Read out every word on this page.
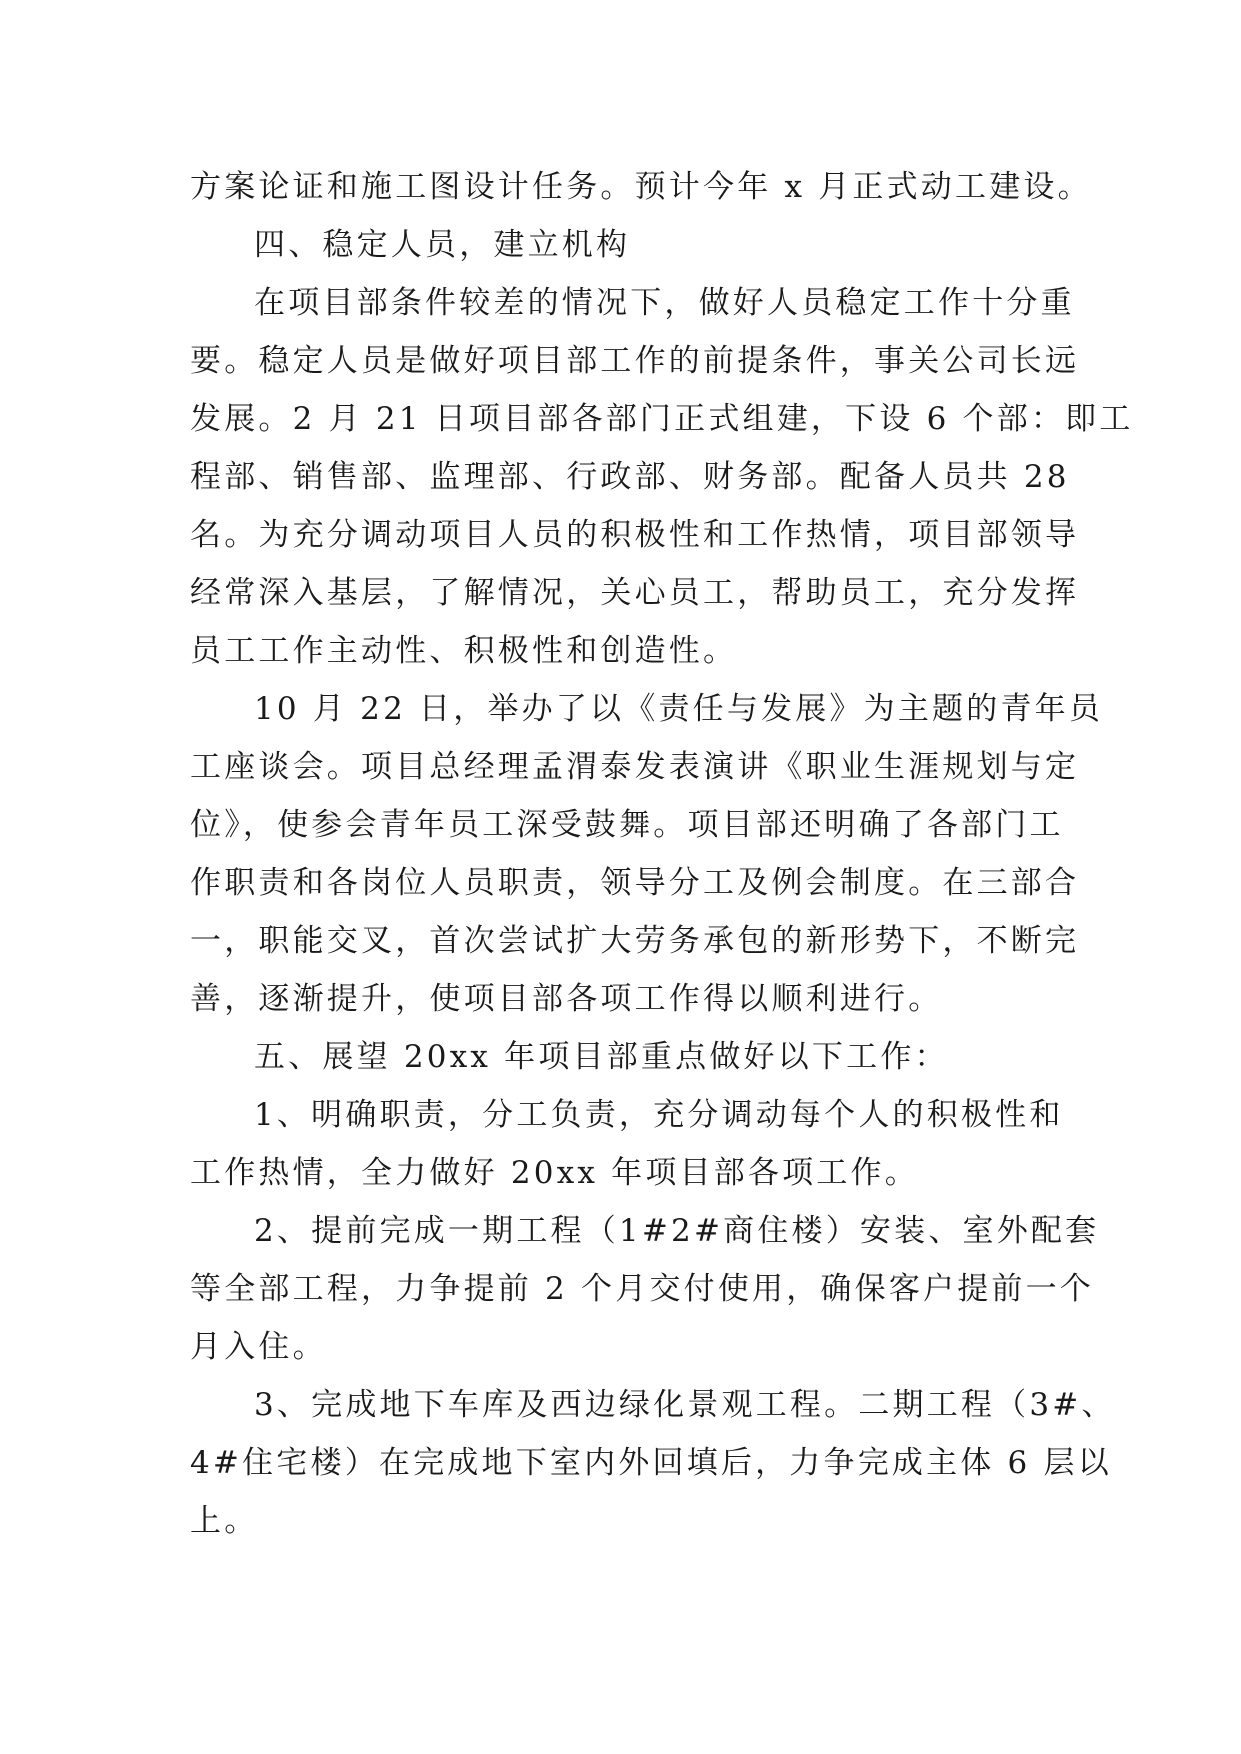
方案论证和施工图设计任务。预计今年 x 月正式动工建设。

四、稳定人员，建立机构

在项目部条件较差的情况下，做好人员稳定工作十分重

要。稳定人员是做好项目部工作的前提条件，事关公司长远

发展。2 月 21 日项目部各部门正式组建，下设 6 个部：即工

程部、销售部、监理部、行政部、财务部。配备人员共 28

名。为充分调动项目人员的积极性和工作热情，项目部领导

经常深入基层，了解情况，关心员工，帮助员工，充分发挥

员工工作主动性、积极性和创造性。

10 月 22 日，举办了以《责任与发展》为主题的青年员

工座谈会。项目总经理孟渭泰发表演讲《职业生涯规划与定

位》，使参会青年员工深受鼓舞。项目部还明确了各部门工

作职责和各岗位人员职责，领导分工及例会制度。在三部合

一，职能交叉，首次尝试扩大劳务承包的新形势下，不断完

善，逐渐提升，使项目部各项工作得以顺利进行。

五、展望 20xx 年项目部重点做好以下工作：

1、明确职责，分工负责，充分调动每个人的积极性和

工作热情，全力做好 20xx 年项目部各项工作。

2、提前完成一期工程（1#2#商住楼）安装、室外配套

等全部工程，力争提前 2 个月交付使用，确保客户提前一个

月入住。

3、完成地下车库及西边绿化景观工程。二期工程（3#、

4#住宅楼）在完成地下室内外回填后，力争完成主体 6 层以

上。
